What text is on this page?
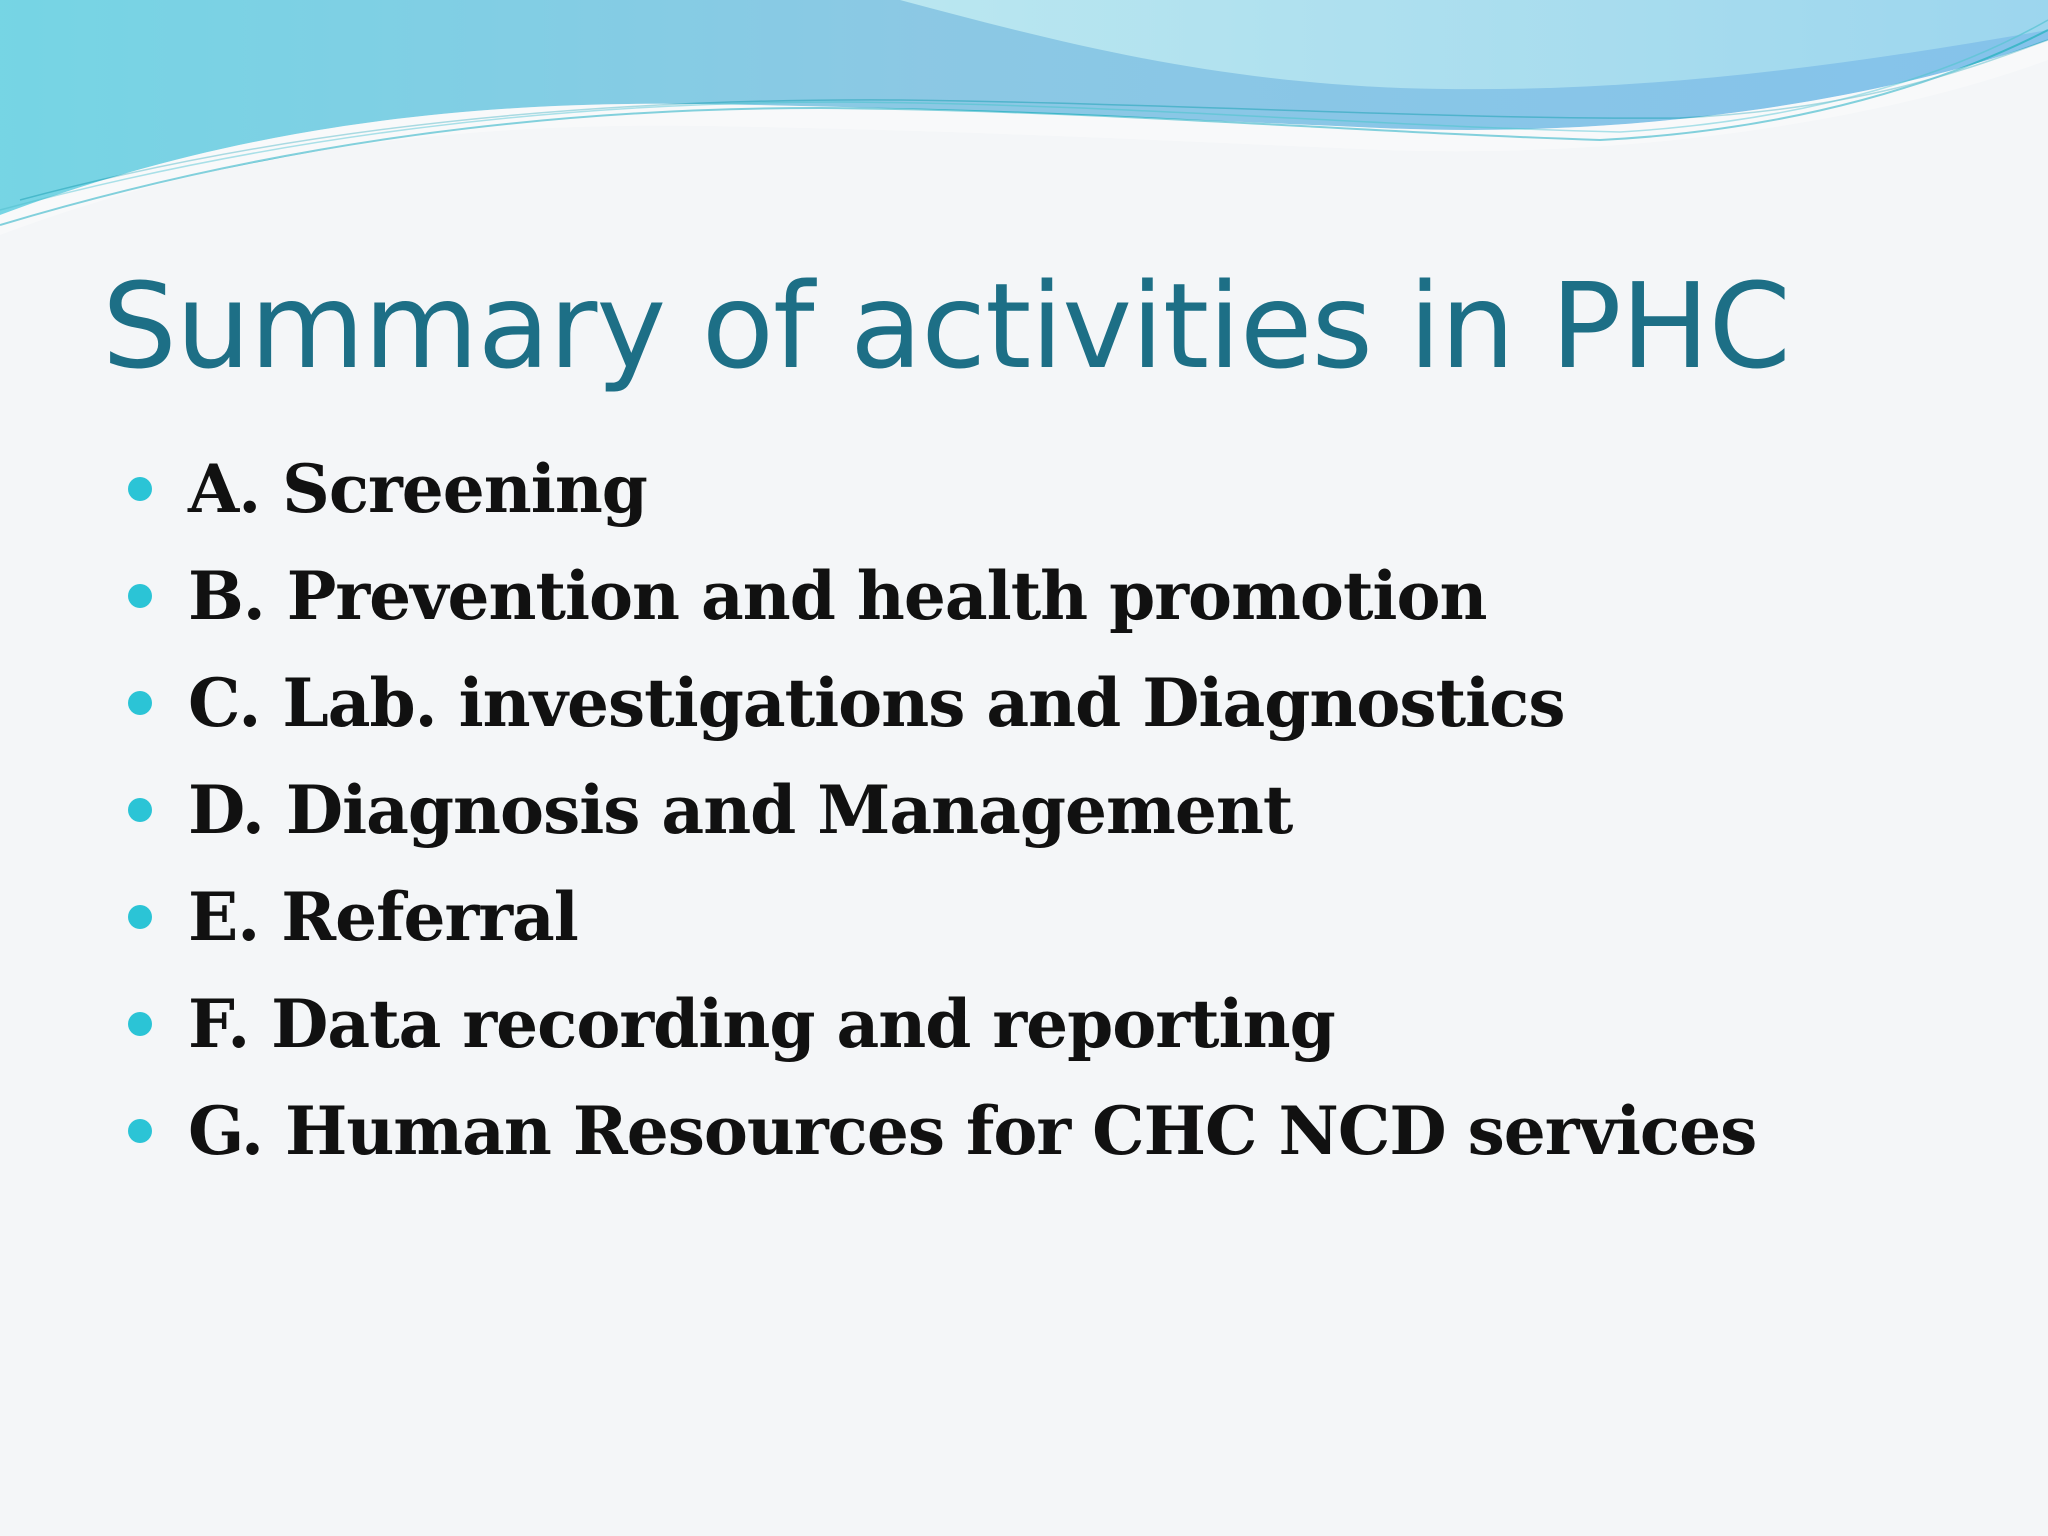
Summary of activities in PHC
A. Screening
B. Prevention and health promotion
C. Lab. investigations and Diagnostics
D. Diagnosis and Management
E. Referral
F. Data recording and reporting
G. Human Resources for CHC NCD services
